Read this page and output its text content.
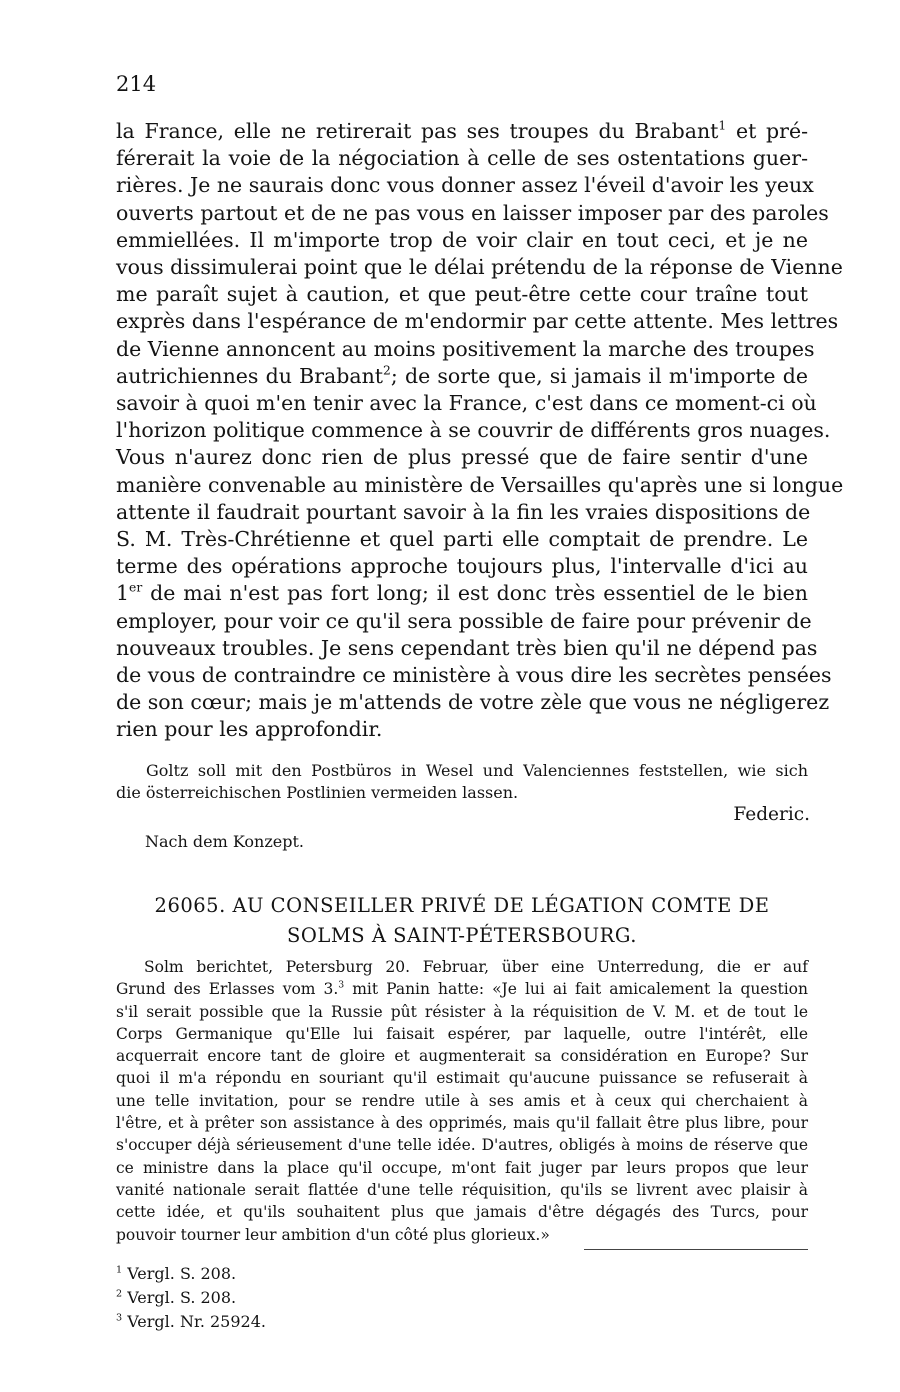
214
la France, elle ne retirerait pas ses troupes du Brabant$^1$ et pré-
férerait la voie de la négociation à celle de ses ostentations guer-
rières. Je ne saurais donc vous donner assez l'éveil d'avoir les yeux
ouverts partout et de ne pas vous en laisser imposer par des paroles
emmiellées. Il m'importe trop de voir clair en tout ceci, et je ne
vous dissimulerai point que le délai prétendu de la réponse de Vienne
me paraît sujet à caution, et que peut-être cette cour traîne tout
exprès dans l'espérance de m'endormir par cette attente. Mes lettres
de Vienne annoncent au moins positivement la marche des troupes
autrichiennes du Brabant$^2$; de sorte que, si jamais il m'importe de
savoir à quoi m'en tenir avec la France, c'est dans ce moment-ci où
l'horizon politique commence à se couvrir de différents gros nuages.
Vous n'aurez donc rien de plus pressé que de faire sentir d'une
manière convenable au ministère de Versailles qu'après une si longue
attente il faudrait pourtant savoir à la fin les vraies dispositions de
S. M. Très-Chrétienne et quel parti elle comptait de prendre. Le
terme des opérations approche toujours plus, l'intervalle d'ici au
1er de mai n'est pas fort long; il est donc très essentiel de le bien
employer, pour voir ce qu'il sera possible de faire pour prévenir de
nouveaux troubles. Je sens cependant très bien qu'il ne dépend pas
de vous de contraindre ce ministère à vous dire les secrètes pensées
de son cœur; mais je m'attends de votre zèle que vous ne négligerez
rien pour les approfondir.
Goltz soll mit den Postbüros in Wesel und Valenciennes feststellen, wie sich
die österreichischen Postlinien vermeiden lassen.
Federic.
Nach dem Konzept.
26065. AU CONSEILLER PRIVÉ DE LÉGATION COMTE DE
SOLMS À SAINT-PÉTERSBOURG.
Solm berichtet, Petersburg 20. Februar, über eine Unterredung, die er auf
Grund des Erlasses vom 3.$^3$ mit Panin hatte: «Je lui ai fait amicalement la question
s'il serait possible que la Russie pût résister à la réquisition de V. M. et de tout le
Corps Germanique qu'Elle lui faisait espérer, par laquelle, outre l'intérêt, elle
acquerrait encore tant de gloire et augmenterait sa considération en Europe? Sur
quoi il m'a répondu en souriant qu'il estimait qu'aucune puissance se refuserait à
une telle invitation, pour se rendre utile à ses amis et à ceux qui cherchaient à
l'être, et à prêter son assistance à des opprimés, mais qu'il fallait être plus libre, pour
s'occuper déjà sérieusement d'une telle idée. D'autres, obligés à moins de réserve que
ce ministre dans la place qu'il occupe, m'ont fait juger par leurs propos que leur
vanité nationale serait flattée d'une telle réquisition, qu'ils se livrent avec plaisir à
cette idée, et qu'ils souhaitent plus que jamais d'être dégagés des Turcs, pour
pouvoir tourner leur ambition d'un côté plus glorieux.»
$^1$ Vergl. S. 208.
$^2$ Vergl. S. 208.
$^3$ Vergl. Nr. 25924.
